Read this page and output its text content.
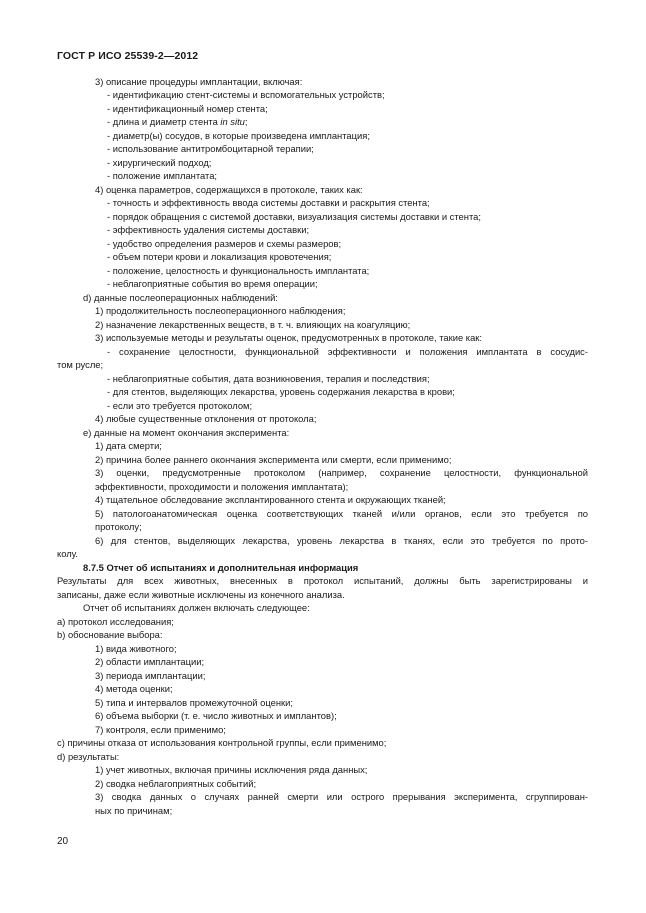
ГОСТ Р ИСО 25539-2—2012
3) описание процедуры имплантации, включая:
- идентификацию стент-системы и вспомогательных устройств;
- идентификационный номер стента;
- длина и диаметр стента in situ;
- диаметр(ы) сосудов, в которые произведена имплантация;
- использование антитромбоцитарной терапии;
- хирургический подход;
- положение имплантата;
4) оценка параметров, содержащихся в протоколе, таких как:
- точность и эффективность ввода системы доставки и раскрытия стента;
- порядок обращения с системой доставки, визуализация системы доставки и стента;
- эффективность удаления системы доставки;
- удобство определения размеров и схемы размеров;
- объем потери крови и локализация кровотечения;
- положение, целостность и функциональность имплантата;
- неблагоприятные события во время операции;
d) данные послеоперационных наблюдений:
1) продолжительность послеоперационного наблюдения;
2) назначение лекарственных веществ, в т. ч. влияющих на коагуляцию;
3) используемые методы и результаты оценок, предусмотренных в протоколе, такие как:
- сохранение целостности, функциональной эффективности и положения имплантата в сосудис-
том русле;
- неблагоприятные события, дата возникновения, терапия и последствия;
- для стентов, выделяющих лекарства, уровень содержания лекарства в крови;
- если это требуется протоколом;
4) любые существенные отклонения от протокола;
e) данные на момент окончания эксперимента:
1) дата смерти;
2) причина более раннего окончания эксперимента или смерти, если применимо;
3) оценки, предусмотренные протоколом (например, сохранение целостности, функциональной
эффективности, проходимости и положения имплантата);
4) тщательное обследование эксплантированного стента и окружающих тканей;
5) патологоанатомическая оценка соответствующих тканей и/или органов, если это требуется по
протоколу;
6) для стентов, выделяющих лекарства, уровень лекарства в тканях, если это требуется по прото-
колу.
8.7.5 Отчет об испытаниях и дополнительная информация
Результаты для всех животных, внесенных в протокол испытаний, должны быть зарегистрированы и
записаны, даже если животные исключены из конечного анализа.
Отчет об испытаниях должен включать следующее:
a) протокол исследования;
b) обоснование выбора:
1) вида животного;
2) области имплантации;
3) периода имплантации;
4) метода оценки;
5) типа и интервалов промежуточной оценки;
6) объема выборки (т. е. число животных и имплантов);
7) контроля, если применимо;
c) причины отказа от использования контрольной группы, если применимо;
d) результаты:
1) учет животных, включая причины исключения ряда данных;
2) сводка неблагоприятных событий;
3) сводка данных о случаях ранней смерти или острого прерывания эксперимента, сгруппирован-
ных по причинам;
20
